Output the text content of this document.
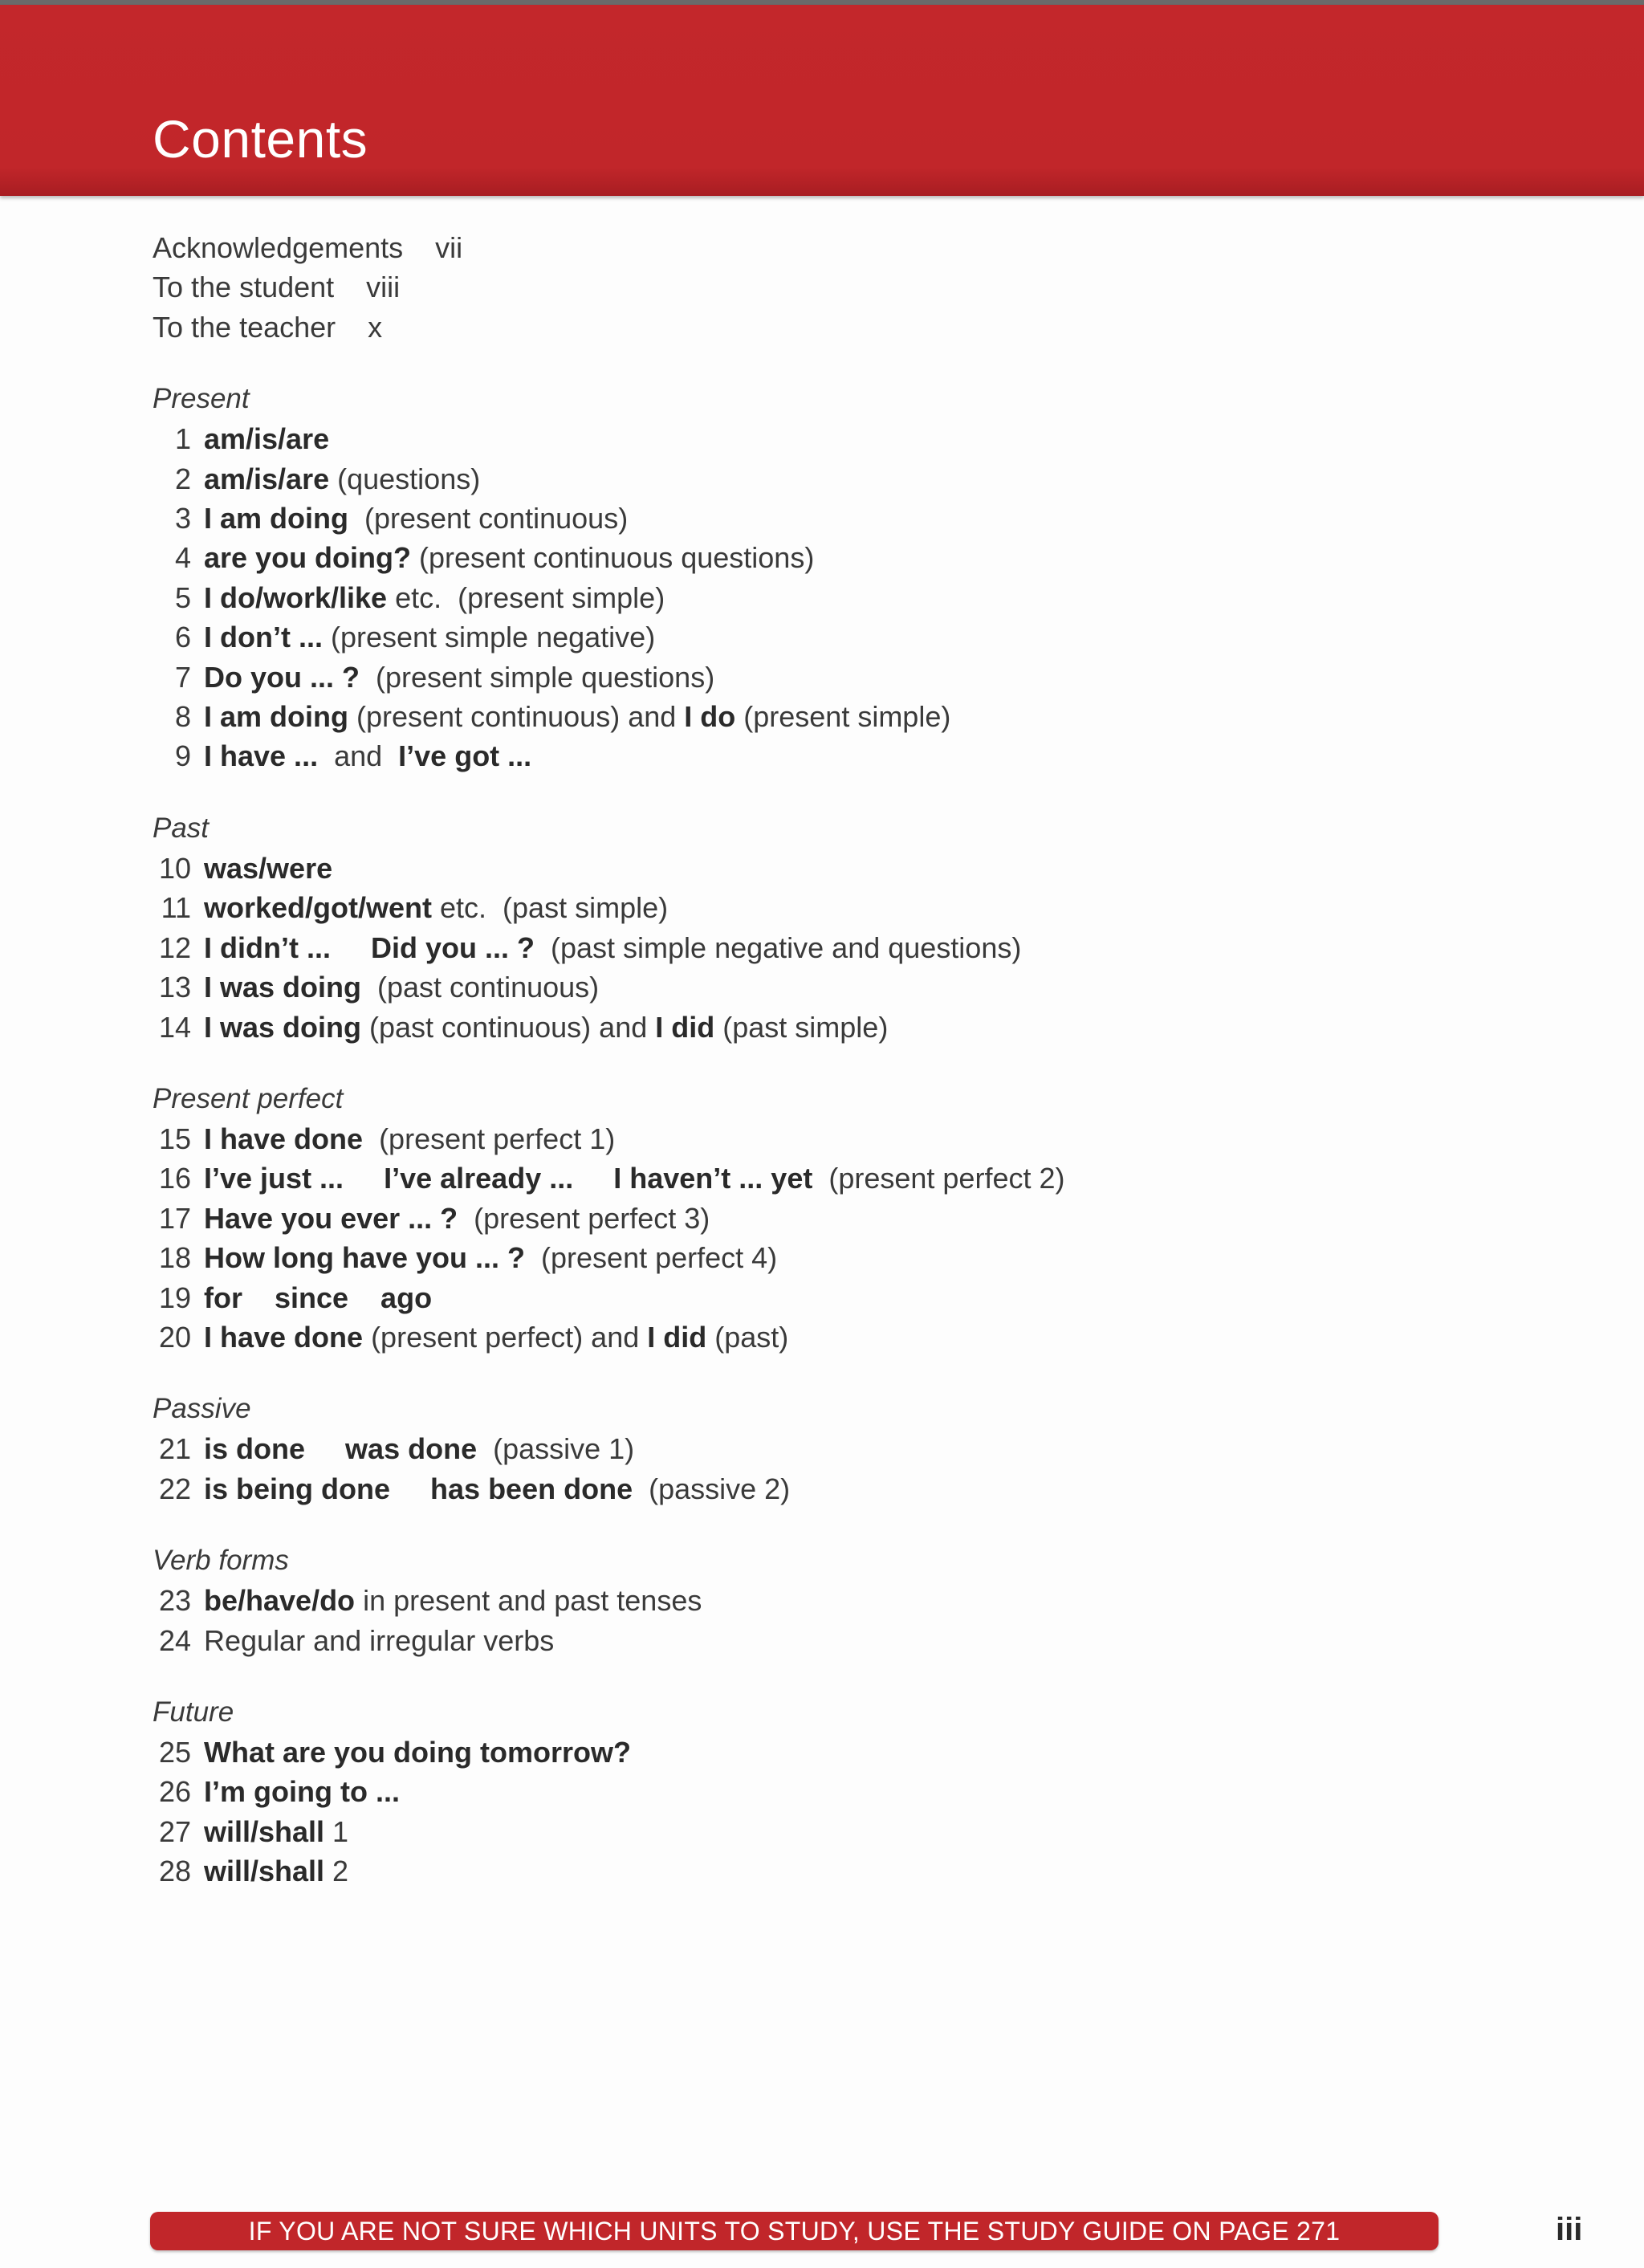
Contents
Acknowledgements vii
To the student viii
To the teacher x
Present
1 am/is/are
2 am/is/are (questions)
3 I am doing  (present continuous)
4 are you doing? (present continuous questions)
5 I do/work/like etc.  (present simple)
6 I don’t ... (present simple negative)
7 Do you ... ?  (present simple questions)
8 I am doing (present continuous) and I do (present simple)
9 I have ...  and  I’ve got ...
Past
10 was/were
11 worked/got/went etc.  (past simple)
12 I didn’t ... Did you ... ?  (past simple negative and questions)
13 I was doing  (past continuous)
14 I was doing (past continuous) and I did (past simple)
Present perfect
15 I have done  (present perfect 1)
16 I’ve just ... I’ve already ... I haven’t ... yet  (present perfect 2)
17 Have you ever ... ?  (present perfect 3)
18 How long have you ... ?  (present perfect 4)
19 for    since    ago
20 I have done (present perfect) and I did (past)
Passive
21 is done was done  (passive 1)
22 is being done has been done  (passive 2)
Verb forms
23 be/have/do in present and past tenses
24 Regular and irregular verbs
Future
25 What are you doing tomorrow?
26 I’m going to ...
27 will/shall 1
28 will/shall 2
IF YOU ARE NOT SURE WHICH UNITS TO STUDY, USE THE STUDY GUIDE ON PAGE 271	iii
